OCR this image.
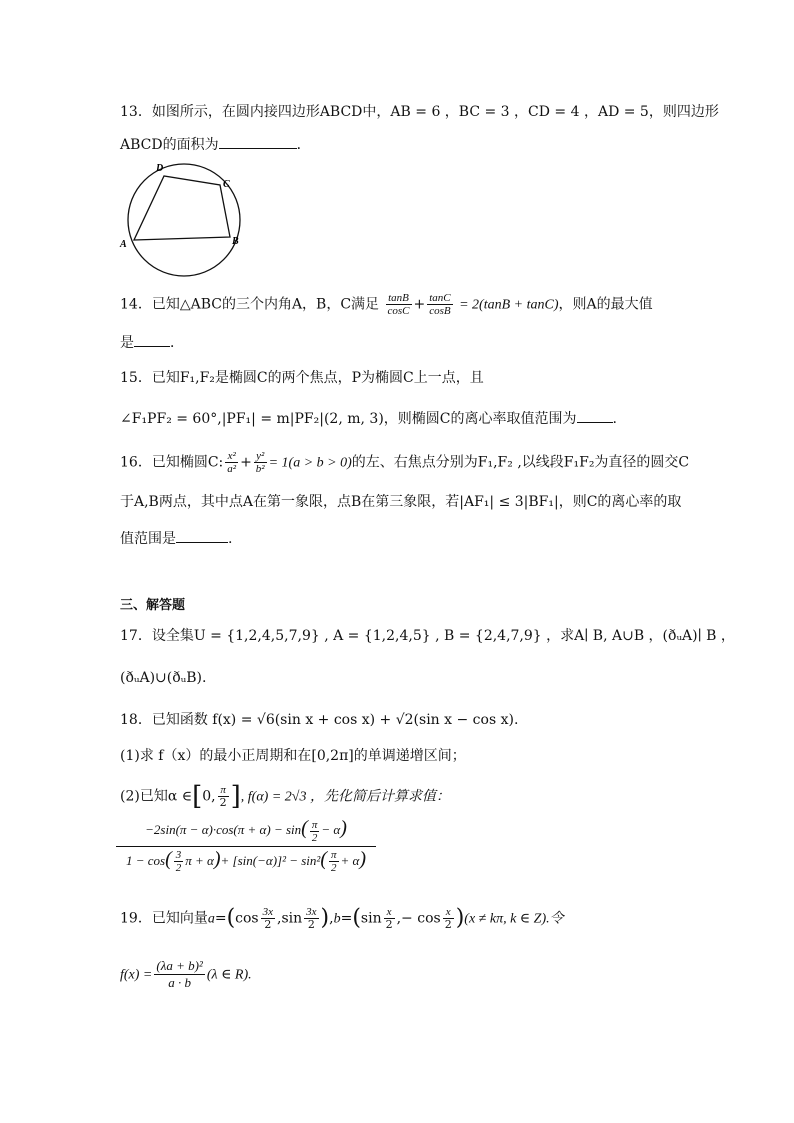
13．如图所示，在圆内接四边形ABCD中，AB = 6 ，BC = 3 ，CD = 4 ，AD = 5，则四边形
ABCD的面积为	．
A	B
C
D
14．已知△ABC的三个内角A，B，C满足 $\frac{\tan B}{\cos C} + \frac{\tan C}{\cos B} = 2(\tan B + \tan C)$，则A的最大值
是	．
15．已知F₁,F₂是椭圆C的两个焦点，P为椭圆C上一点，且
∠F₁PF₂ = 60°,|PF₁| = m|PF₂|(2, m, 3)，则椭圆C的离心率取值范围为	.
16．已知椭圆C: $\frac{\text{x²}}{\text{a²}} + \frac{\text{y²}}{\text{b²}} = 1(a > b > 0)$的左、右焦点分别为F₁,F₂ ,以线段F₁F₂为直径的圆交C
于A,B两点，其中点A在第一象限，点B在第三象限，若|AF₁| ≤ 3|BF₁|，则C的离心率的取
值范围是	.
三、解答题
17．设全集U = {1,2,4,5,7,9} , A = {1,2,4,5} , B = {2,4,7,9} ，求A∣ B, A∪B ，(ðᵤA)∣ B ，
(ðᵤA)∪(ðᵤB).
18．已知函数 f(x) = √6(sin x + cos x) + √2(sin x − cos x).
(1)求 f（x）的最小正周期和在[0,2π]的单调递增区间；
(2)已知α ∈[0, $\frac{\pi}{2}$ ], f(α) = 2√3 ，先化简后计算求值：
$-2\sin(\pi - \alpha)\cdot\cos(\pi + \alpha) - \sin( \frac{\pi}{2} - \alpha)$
$1 - \cos( \frac{3}{2}$ $\pi + \alpha)+ [\sin(-\alpha)]^2 - \sin^2( \frac{\pi}{2} + \alpha)$
19．已知向量$a=(\cos \frac{3x}{2} ,\sin \frac{3x}{2} ),b=(\sin \frac{x}{2}$ ,− $\cos \frac{x}{2} )(x \ne k\pi$, k ∈ Z).令
$f(x) = \frac{\text{(λa + b)²}}{a \cdot b} (\lambda$ ∈ R).
